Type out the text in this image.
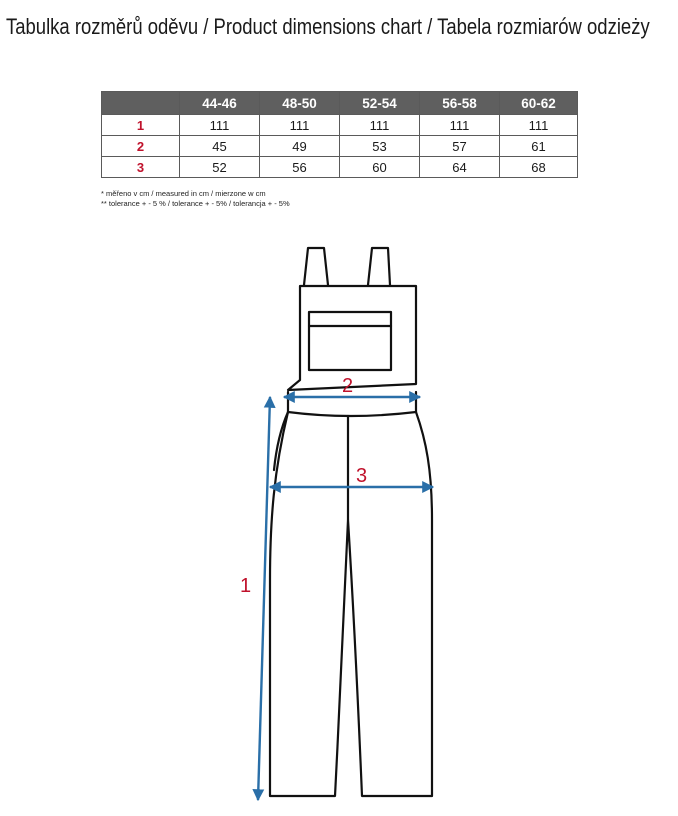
Tabulka rozměrů oděvu / Product dimensions chart / Tabela rozmiarów odzieży
	44-46	48-50	52-54	56-58	60-62
1	111	111	111	111	111
2	45	49	53	57	61
3	52	56	60	64	68
* měřeno v cm / measured in cm / mierzone w cm
** tolerance + - 5 % / tolerance + - 5% / tolerancja + - 5%
1
2
3
